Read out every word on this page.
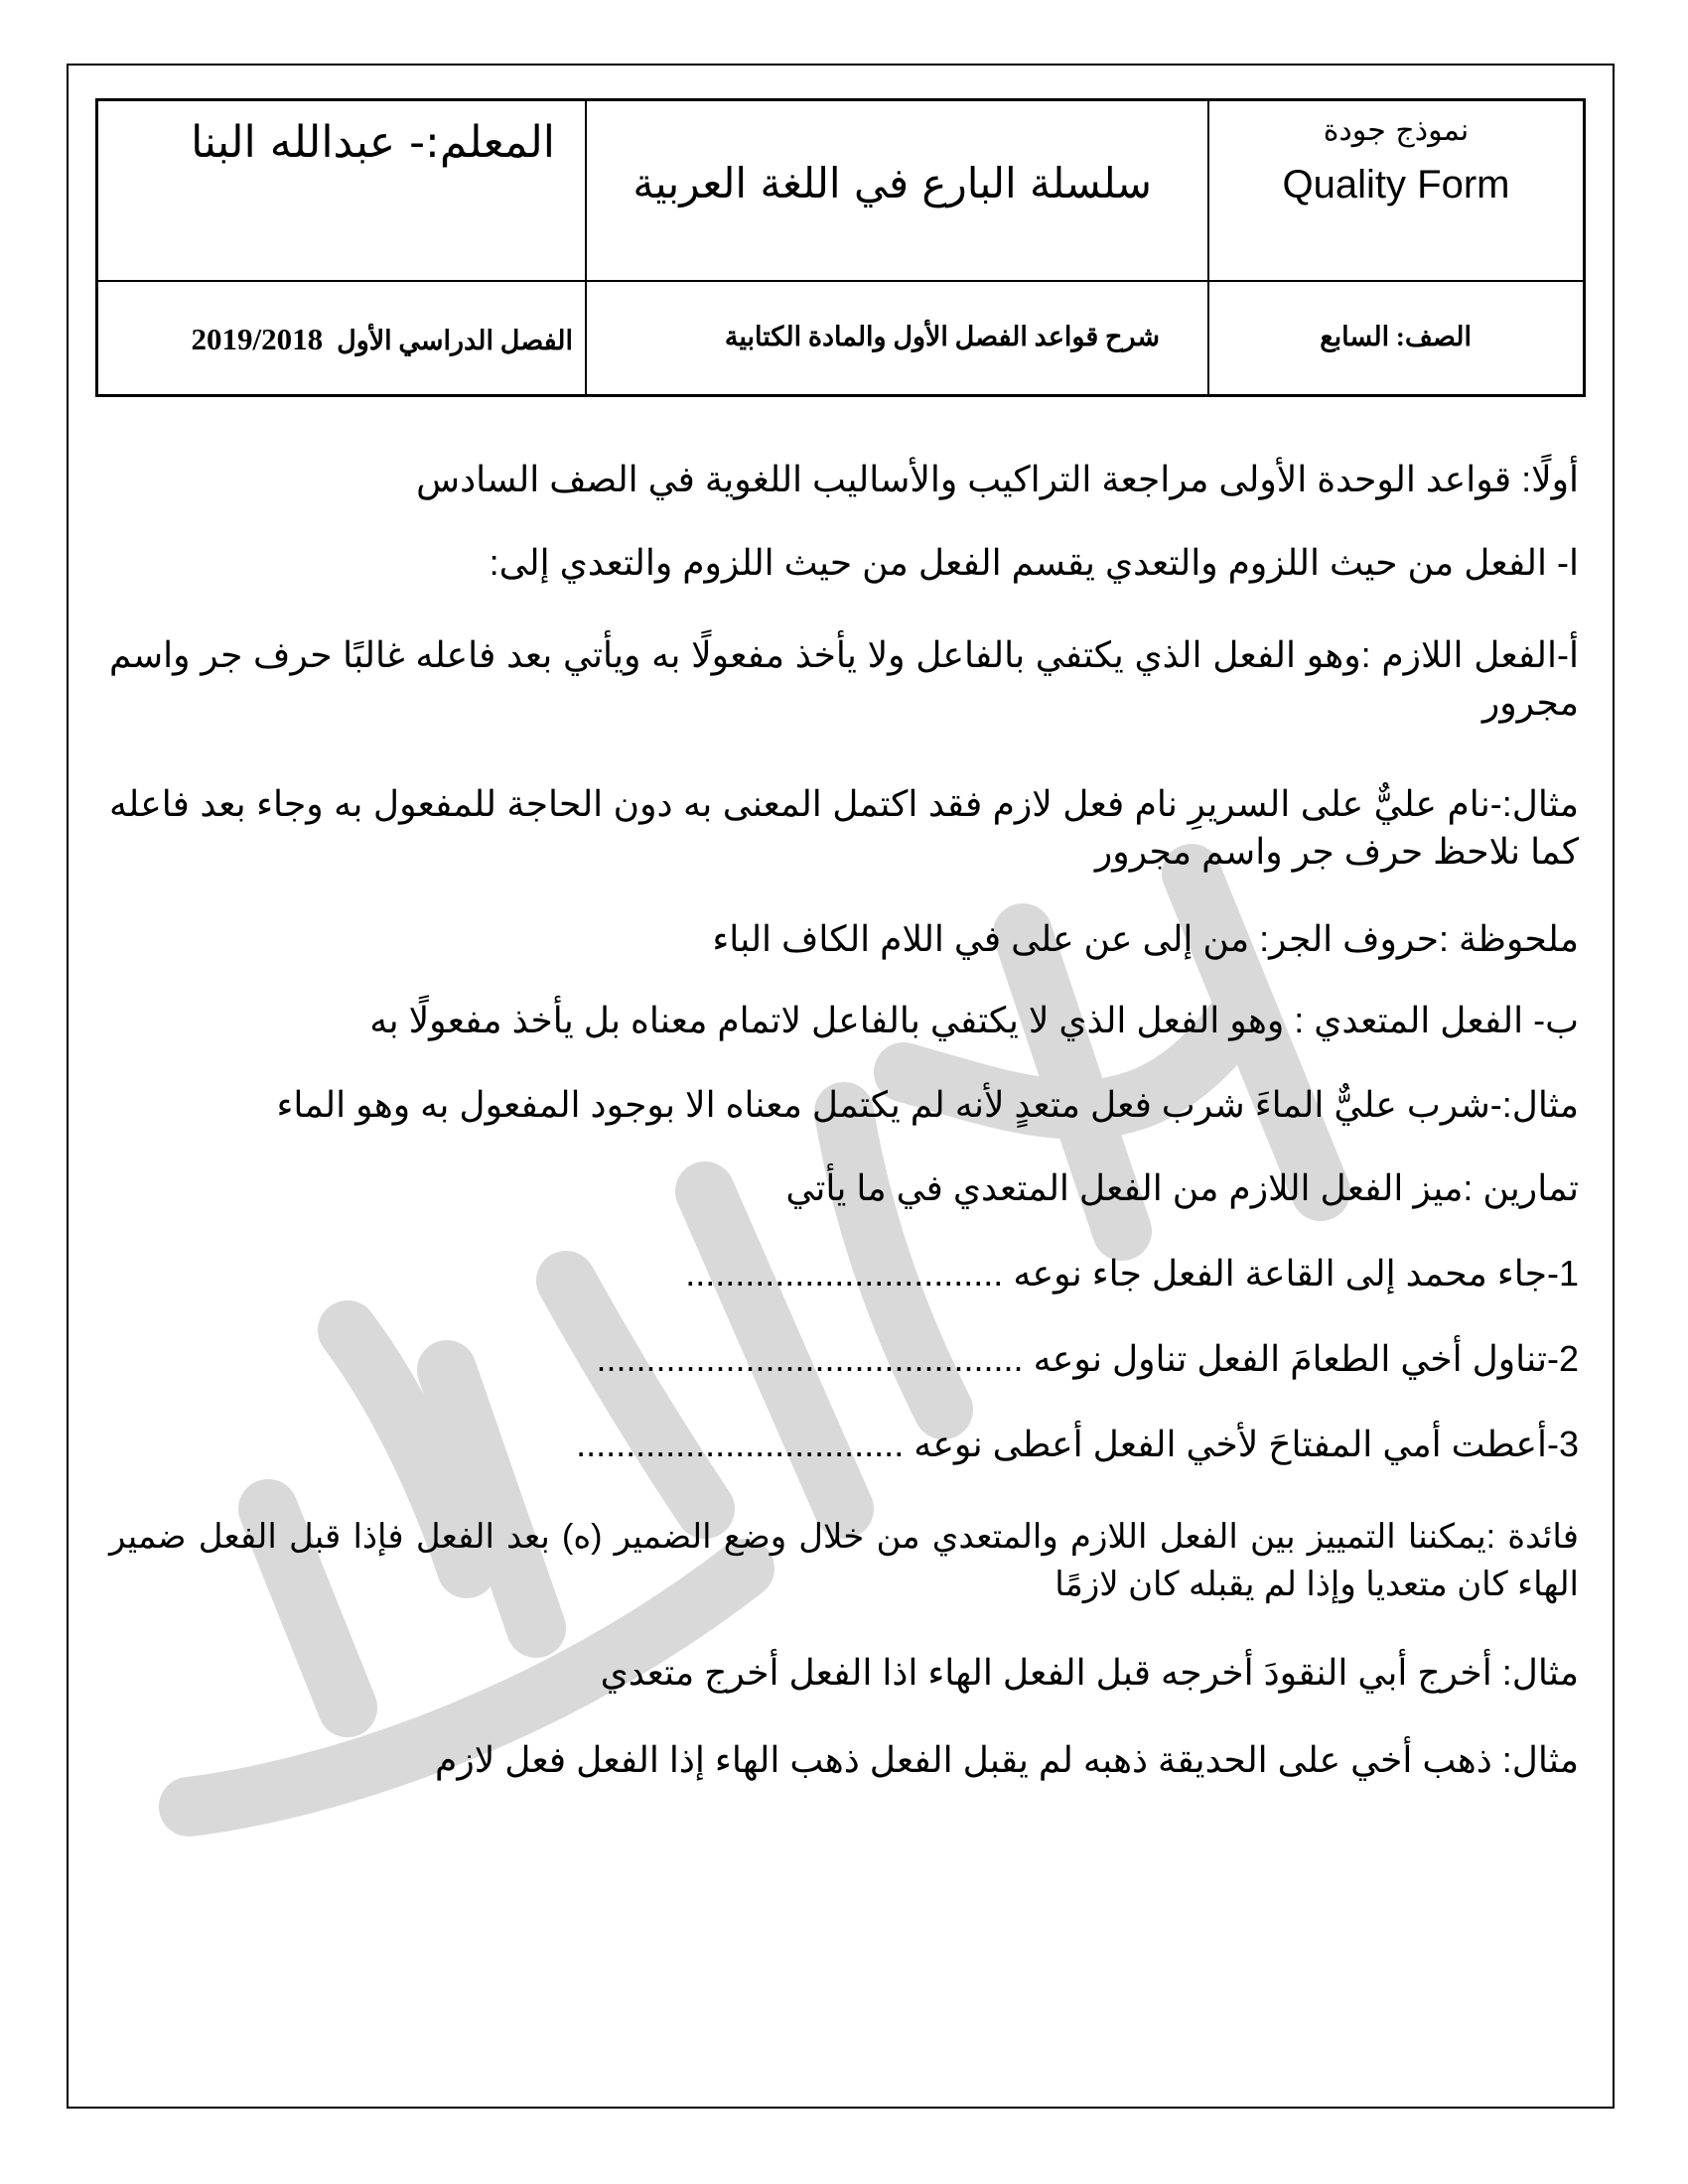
المعلم:- عبدالله البنا
سلسلة البارع في اللغة العربية
نموذج جودة
Quality Form
الفصل الدراسي الأول2019/2018	شرح قواعد الفصل الأول والمادة الكتابية	الصف: السابع
أولًا: قواعد الوحدة الأولى مراجعة التراكيب والأساليب اللغوية في الصف السادس
ا- الفعل من حيث اللزوم والتعدي يقسم الفعل من حيث اللزوم والتعدي إلى:
أ-الفعل اللازم :وهو الفعل الذي يكتفي بالفاعل ولا يأخذ مفعولًا به ويأتي بعد فاعله غالبًا حرف جر واسم مجرور
مثال:-نام عليٌّ على السريرِ نام فعل لازم فقد اكتمل المعنى به دون الحاجة للمفعول به وجاء بعد فاعله كما نلاحظ حرف جر واسم مجرور
ملحوظة :حروف الجر: من إلى عن على في اللام الكاف الباء
ب- الفعل المتعدي : وهو الفعل الذي لا يكتفي بالفاعل لاتمام معناه بل يأخذ مفعولًا به
مثال:-شرب عليٌّ الماءَ شرب فعل متعدٍ لأنه لم يكتمل معناه الا بوجود المفعول به وهو الماء
تمارين :ميز الفعل اللازم من الفعل المتعدي في ما يأتي
1-جاء محمد إلى القاعة الفعل جاء نوعه ................................
2-تناول أخي الطعامَ الفعل تناول نوعه ...........................................
3-أعطت أمي المفتاحَ لأخي الفعل أعطى نوعه .................................
فائدة :يمكننا التمييز بين الفعل اللازم والمتعدي من خلال وضع الضمير (ه) بعد الفعل فإذا قبل الفعل ضمير الهاء كان متعديا وإذا لم يقبله كان لازمًا
مثال: أخرج أبي النقودَ أخرجه قبل الفعل الهاء اذا الفعل أخرج متعدي
مثال: ذهب أخي على الحديقة ذهبه لم يقبل الفعل ذهب الهاء إذا الفعل فعل لازم
